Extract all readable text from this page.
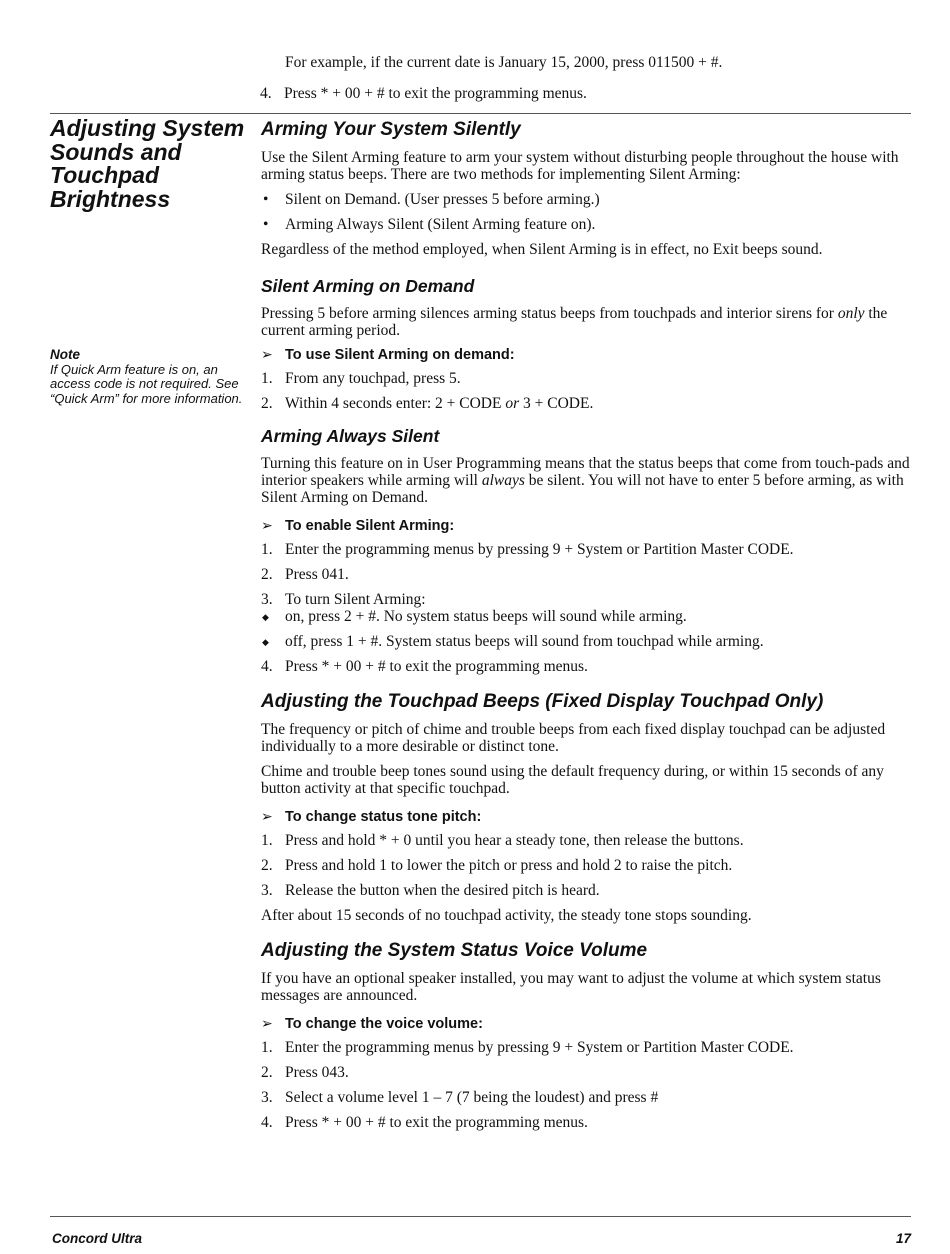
For example, if the current date is January 15, 2000, press 011500 + #.

4. Press * + 00 + # to exit the programming menus.
Adjusting System Sounds and Touchpad Brightness
Note
If Quick Arm feature is on, an access code is not required. See “Quick Arm” for more information.
Arming Your System Silently

Use the Silent Arming feature to arm your system without disturbing people throughout the house with arming status beeps. There are two methods for implementing Silent Arming:

• Silent on Demand. (User presses 5 before arming.)
• Arming Always Silent (Silent Arming feature on).

Regardless of the method employed, when Silent Arming is in effect, no Exit beeps sound.

Silent Arming on Demand

Pressing 5 before arming silences arming status beeps from touchpads and interior sirens for only the current arming period.

➢ To use Silent Arming on demand:
1. From any touchpad, press 5.
2. Within 4 seconds enter: 2 + CODE or 3 + CODE.
Arming Always Silent

Turning this feature on in User Programming means that the status beeps that come from touch-pads and interior speakers while arming will always be silent. You will not have to enter 5 before arming, as with Silent Arming on Demand.

➢ To enable Silent Arming:
1. Enter the programming menus by pressing 9 + System or Partition Master CODE.
2. Press 041.
3. To turn Silent Arming:
◆ on, press 2 + #. No system status beeps will sound while arming.
◆ off, press 1 + #. System status beeps will sound from touchpad while arming.
4. Press * + 00 + # to exit the programming menus.
Adjusting the Touchpad Beeps (Fixed Display Touchpad Only)

The frequency or pitch of chime and trouble beeps from each fixed display touchpad can be adjusted individually to a more desirable or distinct tone.

Chime and trouble beep tones sound using the default frequency during, or within 15 seconds of any button activity at that specific touchpad.

➢ To change status tone pitch:
1. Press and hold * + 0 until you hear a steady tone, then release the buttons.
2. Press and hold 1 to lower the pitch or press and hold 2 to raise the pitch.
3. Release the button when the desired pitch is heard.

After about 15 seconds of no touchpad activity, the steady tone stops sounding.

Adjusting the System Status Voice Volume

If you have an optional speaker installed, you may want to adjust the volume at which system status messages are announced.

➢ To change the voice volume:
1. Enter the programming menus by pressing 9 + System or Partition Master CODE.
2. Press 043.
3. Select a volume level 1 – 7 (7 being the loudest) and press #
4. Press * + 00 + # to exit the programming menus.
Concord Ultra	17
